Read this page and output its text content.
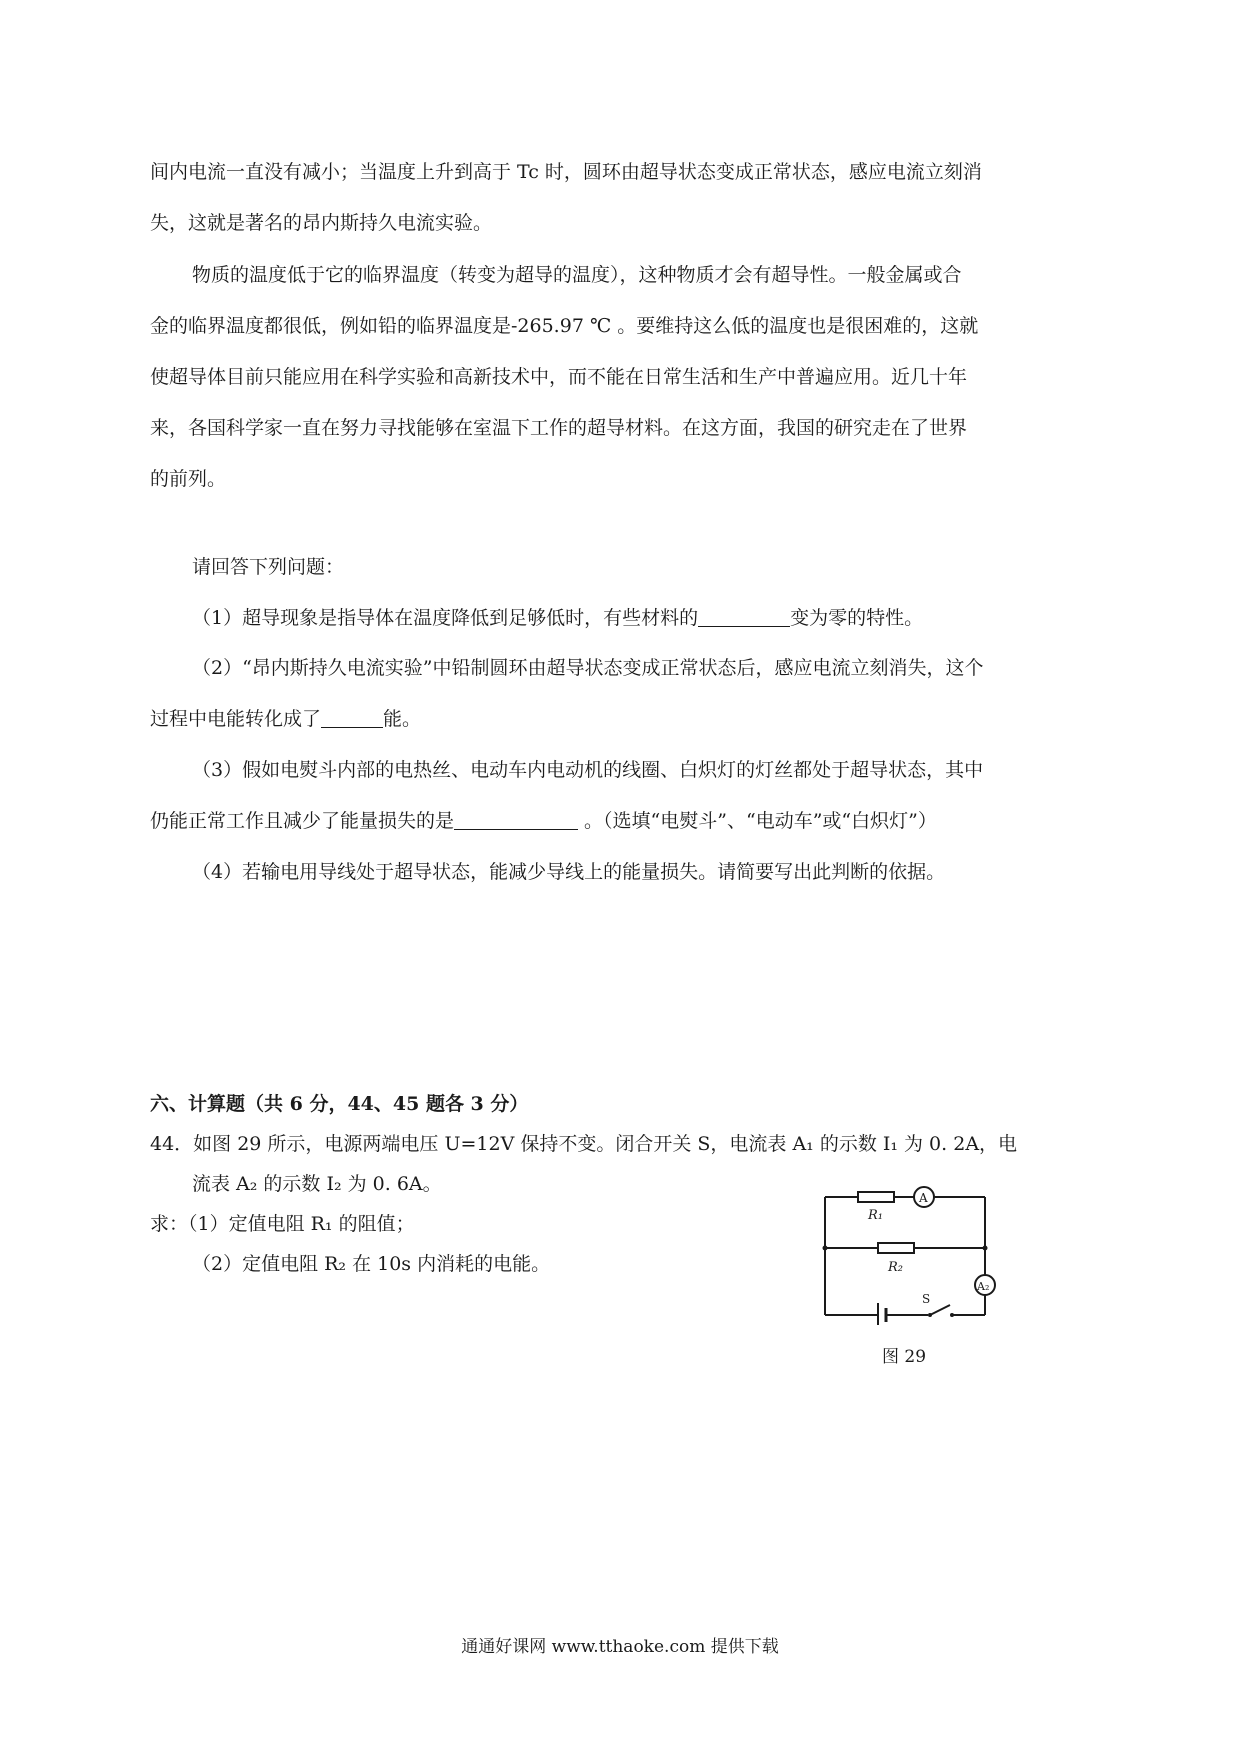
间内电流一直没有减小；当温度上升到高于 Tc 时，圆环由超导状态变成正常状态，感应电流立刻消
失，这就是著名的昂内斯持久电流实验。
物质的温度低于它的临界温度（转变为超导的温度），这种物质才会有超导性。一般金属或合
金的临界温度都很低，例如铅的临界温度是-265.97 ℃ 。要维持这么低的温度也是很困难的，这就
使超导体目前只能应用在科学实验和高新技术中，而不能在日常生活和生产中普遍应用。近几十年
来，各国科学家一直在努力寻找能够在室温下工作的超导材料。在这方面，我国的研究走在了世界
的前列。
请回答下列问题：
（1）超导现象是指导体在温度降低到足够低时，有些材料的	变为零的特性。
（2）“昂内斯持久电流实验”中铅制圆环由超导状态变成正常状态后，感应电流立刻消失，这个
过程中电能转化成了	能。
（3）假如电熨斗内部的电热丝、电动车内电动机的线圈、白炽灯的灯丝都处于超导状态，其中
仍能正常工作且减少了能量损失的是	。（选填“电熨斗”、“电动车”或“白炽灯”）
（4）若输电用导线处于超导状态，能减少导线上的能量损失。请简要写出此判断的依据。
六、计算题（共 6 分，44、45 题各 3 分）
44．如图 29 所示，电源两端电压 U=12V 保持不变。闭合开关 S，电流表 A₁ 的示数 I₁ 为 0. 2A，电
流表 A₂ 的示数 I₂ 为 0. 6A。
求：（1）定值电阻 R₁ 的阻值；
（2）定值电阻 R₂ 在 10s 内消耗的电能。
R₁
R₂
A
A₂
S
图 29
通通好课网 www.tthaoke.com 提供下载
